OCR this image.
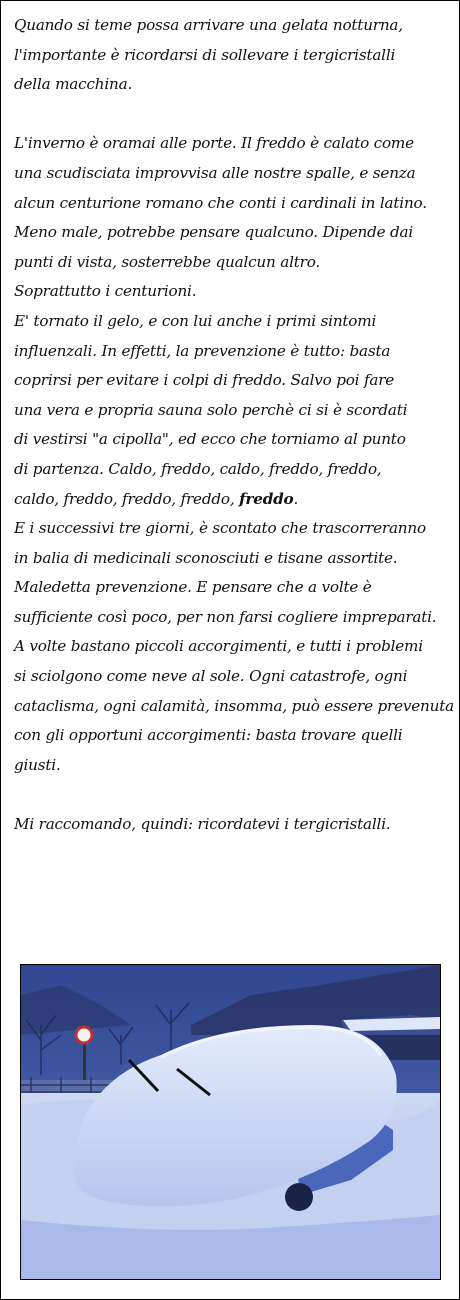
Quando si teme possa arrivare una gelata notturna,
l'importante è ricordarsi di sollevare i tergicristalli
della macchina.
L'inverno è oramai alle porte. Il freddo è calato come
una scudisciata improvvisa alle nostre spalle, e senza
alcun centurione romano che conti i cardinali in latino.
Meno male, potrebbe pensare qualcuno. Dipende dai
punti di vista, sosterrebbe qualcun altro.
Soprattutto i centurioni.
E' tornato il gelo, e con lui anche i primi sintomi
influenzali. In effetti, la prevenzione è tutto: basta
coprirsi per evitare i colpi di freddo. Salvo poi fare
una vera e propria sauna solo perchè ci si è scordati
di vestirsi "a cipolla", ed ecco che torniamo al punto
di partenza. Caldo, freddo, caldo, freddo, freddo,
caldo, freddo, freddo, freddo, freddo.
E i successivi tre giorni, è scontato che trascorreranno
in balia di medicinali sconosciuti e tisane assortite.
Maledetta prevenzione. E pensare che a volte è
sufficiente così poco, per non farsi cogliere impreparati.
A volte bastano piccoli accorgimenti, e tutti i problemi
si sciolgono come neve al sole. Ogni catastrofe, ogni
cataclisma, ogni calamità, insomma, può essere prevenuta
con gli opportuni accorgimenti: basta trovare quelli
giusti.
Mi raccomando, quindi: ricordatevi i tergicristalli.
